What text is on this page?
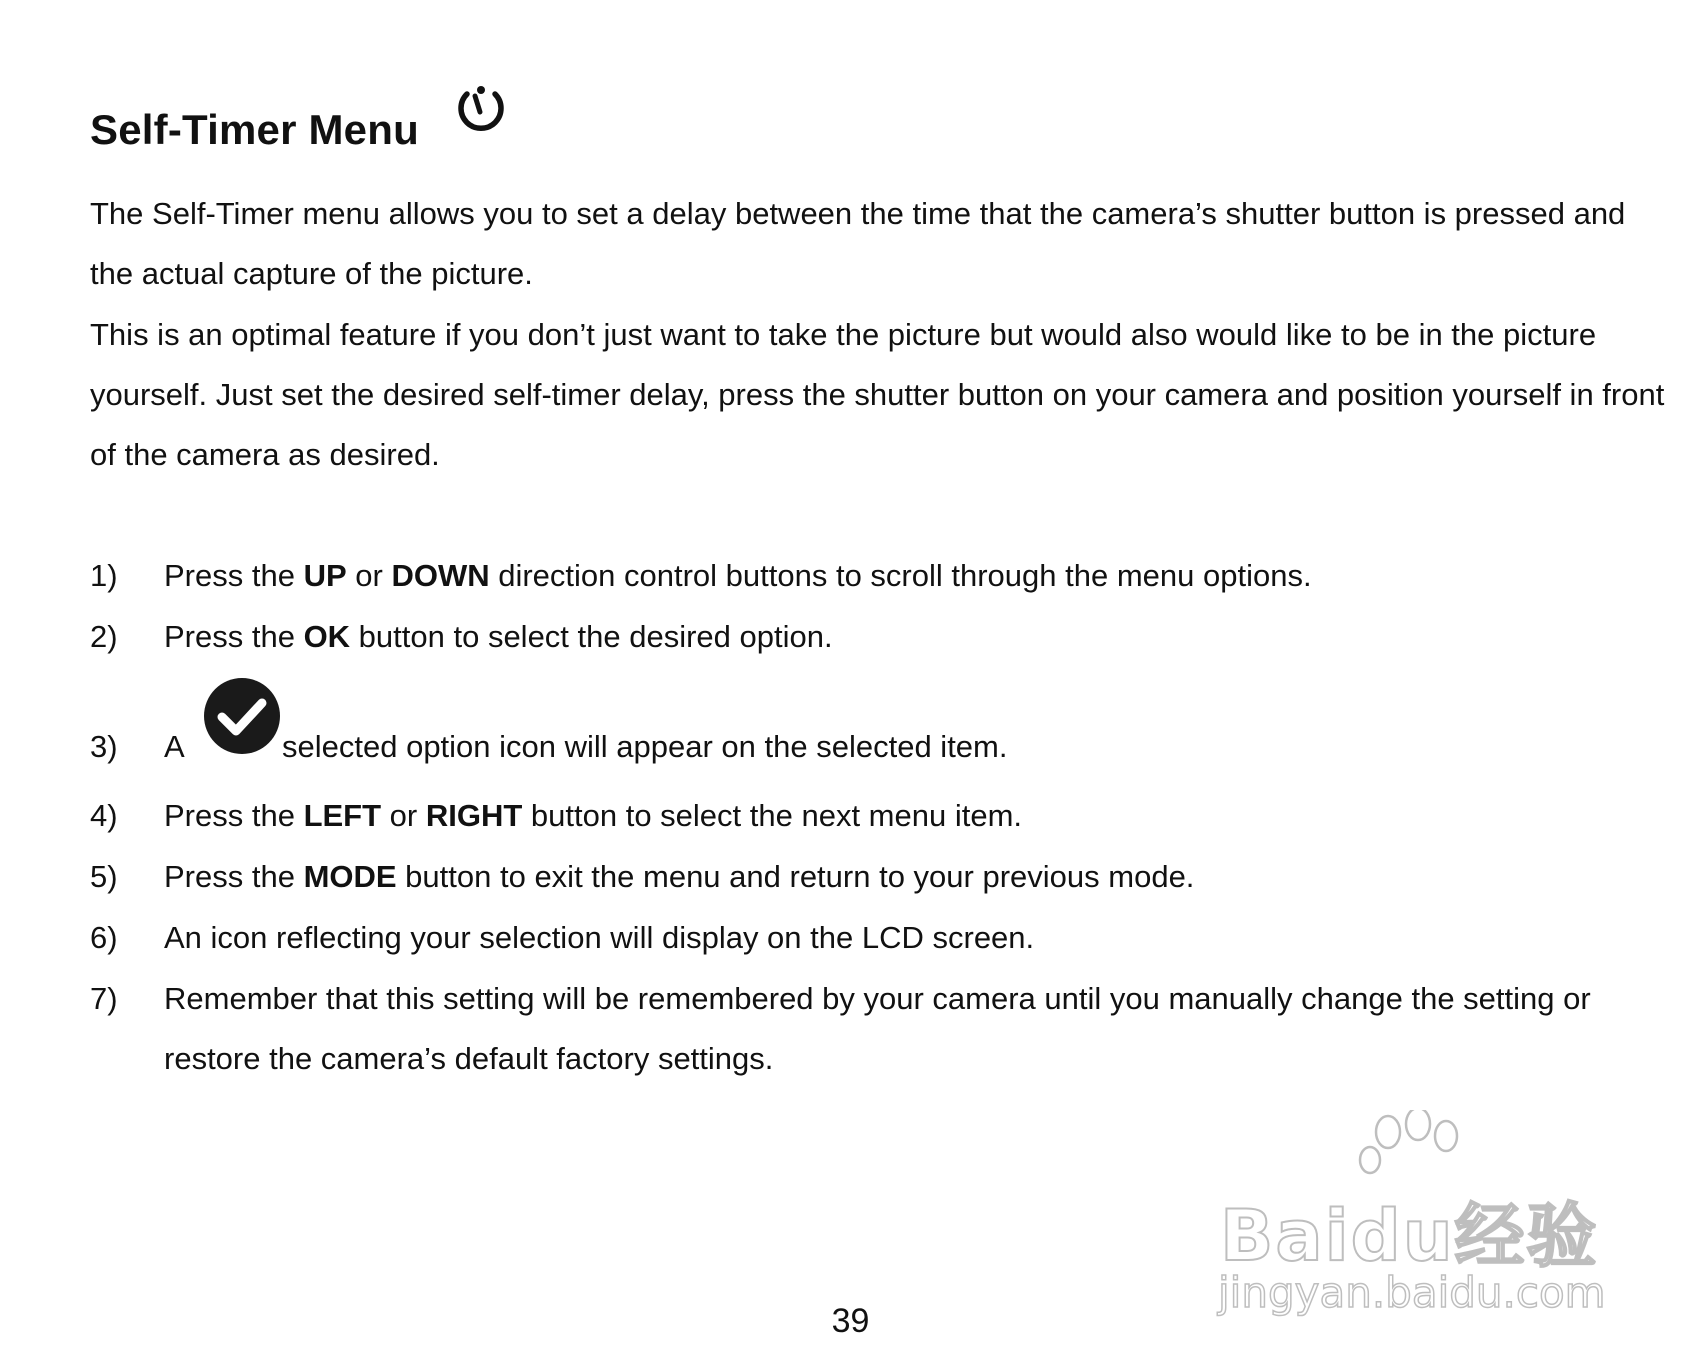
Self-Timer Menu

The Self-Timer menu allows you to set a delay between the time that the camera’s shutter button is pressed and the actual capture of the picture.

This is an optimal feature if you don’t just want to take the picture but would also would like to be in the picture yourself. Just set the desired self-timer delay, press the shutter button on your camera and position yourself in front of the camera as desired.

1) Press the UP or DOWN direction control buttons to scroll through the menu options.
2) Press the OK button to select the desired option.
3) A	selected option icon will appear on the selected item.
4) Press the LEFT or RIGHT button to select the next menu item.
5) Press the MODE button to exit the menu and return to your previous mode.
6) An icon reflecting your selection will display on the LCD screen.
7) Remember that this setting will be remembered by your camera until you manually change the setting or restore the camera’s default factory settings.
Baidu经验
jingyan.baidu.com
39
